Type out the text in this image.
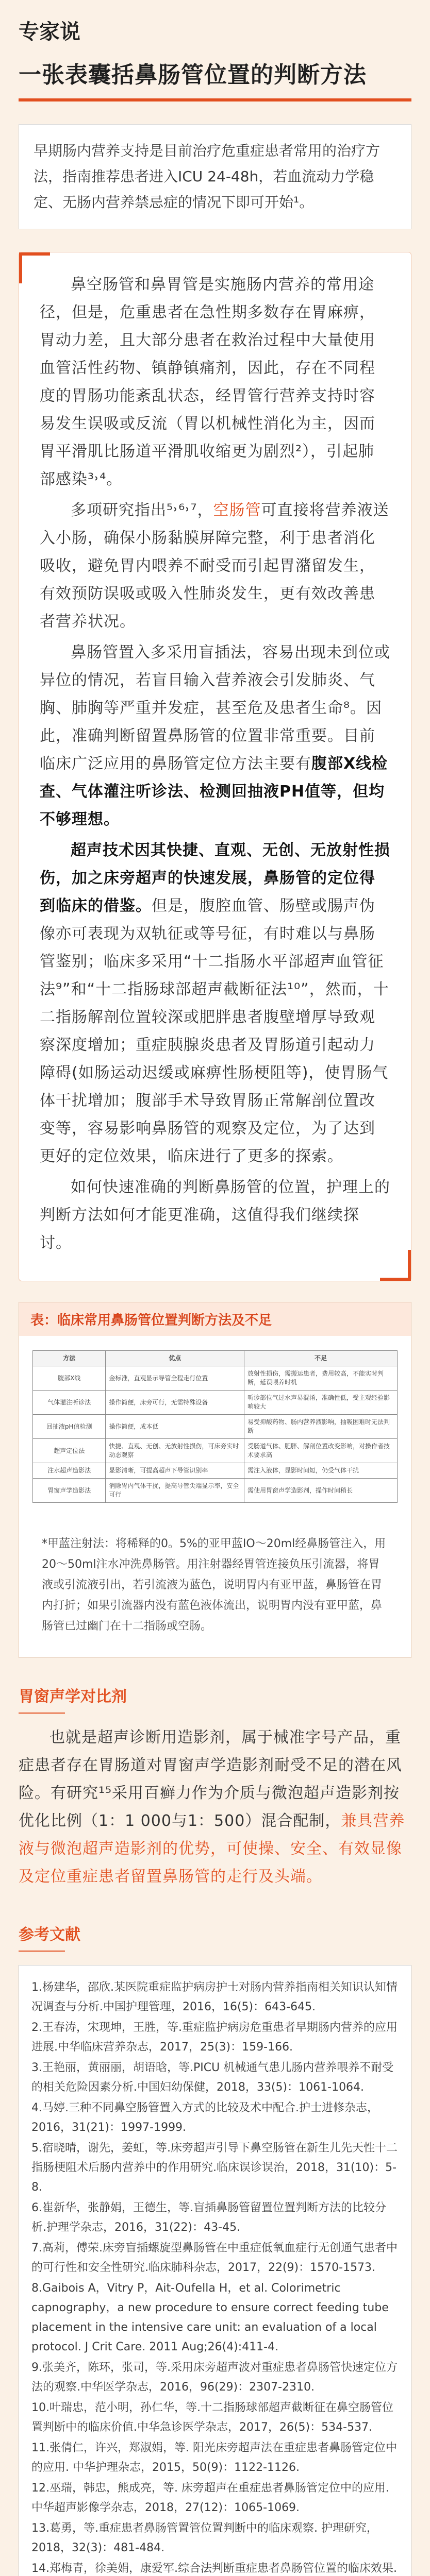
专家说
一张表囊括鼻肠管位置的判断方法
早期肠内营养支持是目前治疗危重症患者常用的治疗方法，指南推荐患者进入ICU 24-48h，若血流动力学稳定、无肠内营养禁忌症的情况下即可开始¹。

鼻空肠管和鼻胃管是实施肠内营养的常用途径，但是，危重患者在急性期多数存在胃麻痹，胃动力差，且大部分患者在救治过程中大量使用血管活性药物、镇静镇痛剂，因此，存在不同程度的胃肠功能紊乱状态，经胃管行营养支持时容易发生误吸或反流（胃以机械性消化为主，因而胃平滑肌比肠道平滑肌收缩更为剧烈²），引起肺部感染³˒⁴。

多项研究指出⁵˒⁶˒⁷，空肠管可直接将营养液送入小肠，确保小肠黏膜屏障完整，利于患者消化吸收，避免胃内喂养不耐受而引起胃潴留发生，有效预防误吸或吸入性肺炎发生，更有效改善患者营养状况。

鼻肠管置入多采用盲插法，容易出现未到位或异位的情况，若盲目输入营养液会引发肺炎、气胸、肺胸等严重并发症，甚至危及患者生命⁸。因此，准确判断留置鼻肠管的位置非常重要。目前临床广泛应用的鼻肠管定位方法主要有腹部X线检查、气体灌注听诊法、检测回抽液PH值等，但均不够理想。

超声技术因其快捷、直观、无创、无放射性损伤，加之床旁超声的快速发展，鼻肠管的定位得到临床的借鉴。但是，腹腔血管、肠壁或腸声伪像亦可表现为双轨征或等号征，有时难以与鼻肠管鉴别；临床多采用“十二指肠水平部超声血管征法⁹”和“十二指肠球部超声截断征法¹⁰”，然而，十二指肠解剖位置较深或肥胖患者腹壁增厚导致观察深度增加；重症胰腺炎患者及胃肠道引起动力障碍(如肠运动迟缓或麻痹性肠梗阻等)，使胃肠气体干扰增加；腹部手术导致胃肠正常解剖位置改变等，容易影响鼻肠管的观察及定位，为了达到更好的定位效果，临床进行了更多的探索。

如何快速准确的判断鼻肠管的位置，护理上的判断方法如何才能更准确，这值得我们继续探讨。

表：临床常用鼻肠管位置判断方法及不足
方法	优点	不足
腹部X线	金标准，直观显示导管全程走行位置	放射性损伤，需搬运患者，费用较高，不能实时判断，延误喂养时机
气体灌注听诊法	操作简便，床旁可行，无需特殊设备	听诊部位气过水声易混淆，准确性低，受主观经验影响较大
回抽液pH值检测	操作简便，成本低	易受抑酸药物、肠内营养液影响，抽吸困难时无法判断
超声定位法	快捷、直观、无创、无放射性损伤，可床旁实时动态观察	受肠道气体、肥胖、解剖位置改变影响，对操作者技术要求高
注水超声造影法	显影清晰，可提高超声下导管识别率	需注入液体，显影时间短，仍受气体干扰
胃窗声学造影法	消除胃内气体干扰，提高导管尖端显示率，安全可行	需使用胃窗声学造影剂，操作时间稍长
*甲蓝注射法：将稀释的0。5%的亚甲蓝IO～20ml经鼻肠管注入，用20～50ml注水冲洗鼻肠管。用注射器经胃管连接负压引流器，将胃液或引流液引出，若引流液为蓝色，说明胃内有亚甲蓝，鼻肠管在胃内打折；如果引流器内没有蓝色液体流出，说明胃内没有亚甲蓝，鼻肠管已过幽门在十二指肠或空肠。
胃窗声学对比剂
也就是超声诊断用造影剂，属于械准字号产品，重症患者存在胃肠道对胃窗声学造影剂耐受不足的潜在风险。有研究¹⁵采用百癣力作为介质与微泡超声造影剂按优化比例（1：1 000与1：500）混合配制，兼具营养液与微泡超声造影剂的优势，可使操、安全、有效显像及定位重症患者留置鼻肠管的走行及头端。
参考文献
1.杨建华，邵欣.某医院重症监护病房护士对肠内营养指南相关知识认知情况调查与分析.中国护理管理，2016，16(5)：643-645.
2.王春涛，宋现坤，王胜，等.重症监护病房危重患者早期肠内营养的应用进展.中华临床营养杂志，2017，25(3)：159-166.
3.王艳丽，黄丽丽，胡语晗，等.PICU 机械通气患儿肠内营养喂养不耐受的相关危险因素分析.中国妇幼保健，2018，33(5)：1061-1064.
4.马婷.三种不同鼻空肠管置入方式的比较及术中配合.护士进修杂志，2016，31(21)：1997-1999.
5.宿晓晴，谢先，姜虹，等.床旁超声引导下鼻空肠管在新生儿先天性十二指肠梗阻术后肠内营养中的作用研究.临床误诊误治，2018，31(10)：5-8.
6.崔新华，张静娟，王德生，等.盲插鼻肠管留置位置判断方法的比较分析.护理学杂志，2016，31(22)：43-45.
7.高莉，傅荣.床旁盲插螺旋型鼻肠管在中重症低氧血症行无创通气患者中的可行性和安全性研究.临床肺科杂志，2017，22(9)：1570-1573.
8.Gaibois A，Vitry P，Ait-Oufella H，et al. Colorimetric capnography，a new procedure to ensure correct feeding tube placement in the intensive care unit: an evaluation of a local protocol. J Crit Care. 2011 Aug;26(4):411-4.
9.张美齐，陈环，张司，等.采用床旁超声波对重症患者鼻肠管快速定位方法的观察.中华医学杂志，2016，96(29)：2307-2310.
10.叶瑞忠，范小明，孙仁华，等.十二指肠球部超声截断征在鼻空肠管位置判断中的临床价值.中华急诊医学杂志，2017，26(5)：534-537.
11.张倩仁，许兴，郑淑娟，等. 阳光床旁超声法在重症患者鼻肠管定位中的应用. 中华护理杂志，2015，50(9)：1122-1126.
12.巫瑞，韩忠，熊成亮，等. 床旁超声在重症患者鼻肠管定位中的应用. 中华超声影像学杂志，2018，27(12)：1065-1069.
13.葛勇，等.重症患者鼻肠管置管位置判断中的临床观察. 护理研究，2018，32(3)：481-484.
14.郑梅青，徐美娟，康爱军.综合法判断重症患者鼻肠管位置的临床效果.
